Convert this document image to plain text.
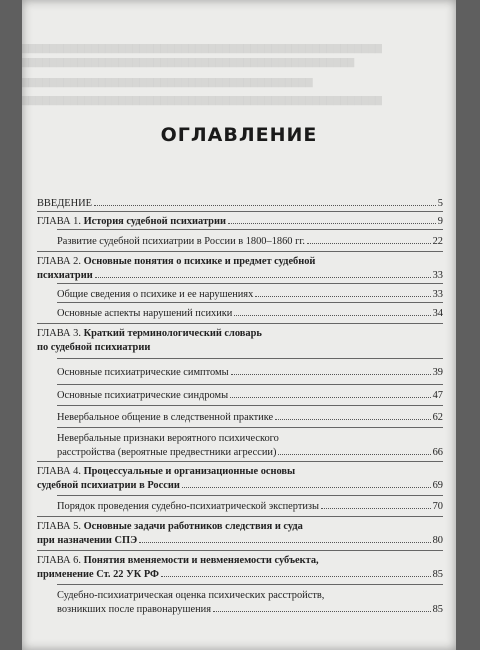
████████████████████████████████████████████████████
████████████████████████████████████████████████
██████████████████████████████████████████
████████████████████████████████████████████████████
ОГЛАВЛЕНИЕ
ВВЕДЕНИЕ	5
ГЛАВА 1. История судебной психиатрии	9
Развитие судебной психиатрии в России в 1800–1860 гг.	22
ГЛАВА 2. Основные понятия о психике и предмет судебной
психиатрии	33
Общие сведения о психике и ее нарушениях	33
Основные аспекты нарушений психики	34
ГЛАВА 3. Краткий терминологический словарь
по судебной психиатрии
Основные психиатрические симптомы	39
Основные психиатрические синдромы	47
Невербальное общение в следственной практике	62
Невербальные признаки вероятного психического
расстройства (вероятные предвестники агрессии)	66
ГЛАВА 4. Процессуальные и организационные основы
судебной психиатрии в России	69
Порядок проведения судебно-психиатрической экспертизы	70
ГЛАВА 5. Основные задачи работников следствия и суда
при назначении СПЭ	80
ГЛАВА 6. Понятия вменяемости и невменяемости субъекта,
применение Ст. 22 УК РФ	85
Судебно-психиатрическая оценка психических расстройств,
возникших после правонарушения	85
